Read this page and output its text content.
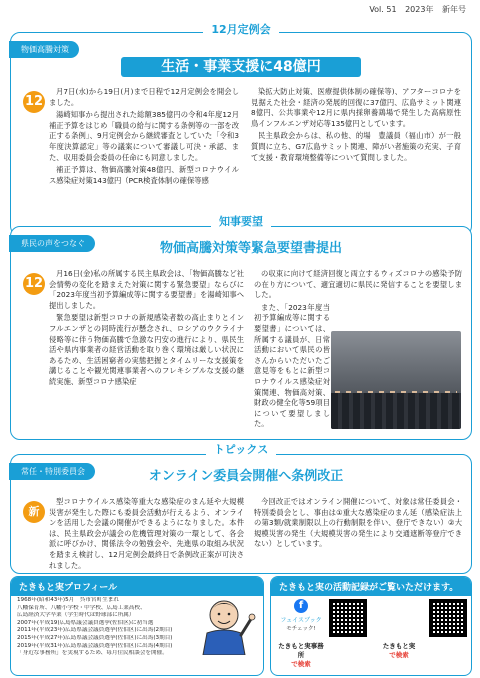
Vol. 51 2023年 新年号
12月定例会
物価高騰対策
生活・事業支援に48億円
12

月7日(水)から19日(月)まで日程で12月定例会を開会しました。

湯崎知事から提出された総額385億円の令和4年度12月補正予算をはじめ「職員の給与に関する条例等の一部を改正する条例」、9月定例会から継続審査としていた「令和3年度決算認定」等の議案について審議し可決・承認、また、収用委員会委員の任命にも同意しました。

補正予算は、物価高騰対策48億円、新型コロナウイルス感染症対策143億円（PCR検査体制の確保等感

染拡大防止対策、医療提供体制の確保等)、アフターコロナを見据えた社会・経済の発展的回復に37億円、広島サミット関連8億円、公共事業や12月に県内採卵養鶏場で発生した高病原性鳥インフルエンザ対応等135億円としています。

民主県政会からは、私の他、的場　豊議員（福山市）が一般質問に立ち、G7広島サミット関連、障がい者施策の充実、子育て支援・教育環境整備等について質問しました。

知事要望
県民の声をつなぐ	物価高騰対策等緊急要望書提出
12

月16日(金)私の所属する民主県政会は、「物価高騰など社会情勢の変化を踏まえた対策に関する緊急要望」ならびに「2023年度当初予算編成等に関する要望書」を湯崎知事へ提出しました。

緊急要望は新型コロナの新規感染者数の高止まりとインフルエンザとの同時流行が懸念され、ロシアのウクライナ侵略等に伴う物価高騰で急激な円安の進行により、県民生活や県内事業者の経営活動を取り巻く環境は厳しい状況にあるため、生活困窮者の実態把握とタイムリーな支援策を講じることや観光関連事業者へのフレキシブルな支援の継続実施、新型コロナ感染症

の収束に向けて経済回復と両立するウィズコロナの感染予防の在り方について、適宜適切に県民に発信することを要望しました。

また、「2023年度当初予算編成等に関する要望書」については、所属する議員が、日常活動において県民の皆さんからいただいたご意見等をもとに新型コロナウイルス感染症対策関連、物価高対策、財政の健全化等59項目について要望しました。

トピックス
常任・特別委員会	オンライン委員会開催へ条例改正
新

型コロナウイルス感染等重大な感染症のまん延や大規模災害が発生した際にも委員会活動が行えるよう、オンラインを活用した会議の開催ができるようになりました。本件は、民主県政会が議会の危機管理対策の一環として、各会派に呼びかけ、関係法令の勉強会や、先進県の取組み状況を踏まえ検討し、12月定例会最終日で条例改正案が可決されました。

今回改正ではオンライン開催について、対象は常任委員会・特別委員会とし、事由は①重大な感染症のまん延（感染症法上の第3類/就業制限以上の行動制限を伴い、登庁できない）②大規模災害の発生（大規模災害の発生により交通遮断等登庁できない）としています。

たきもと実プロフィール
1968年(昭和43年)5月　呉市宮町生まれ
八幡保育所、八幡小学校・中学校、広島工業高校、
広島経済大学卒業（学生時代は野球部に所属）
2007年(平成19)広島県議会議員選挙(佐伯区)に初当選
2011年(平成23年)広島県議会議員選挙(佐伯区)に出馬(2期目)
2015年(平成27年)広島県議会議員選挙(佐伯区)に出馬(3期目)
2019年(平成31年)広島県議会議員選挙(佐伯区)に出馬(4期目)
「身近な事務所」を実現するため、毎月住民相談会を開催。
たきもと実の活動記録がご覧いただけます。
f
フェイスブック
モチェック!
たきもと実事務所
で検索
たきもと実
で検索
